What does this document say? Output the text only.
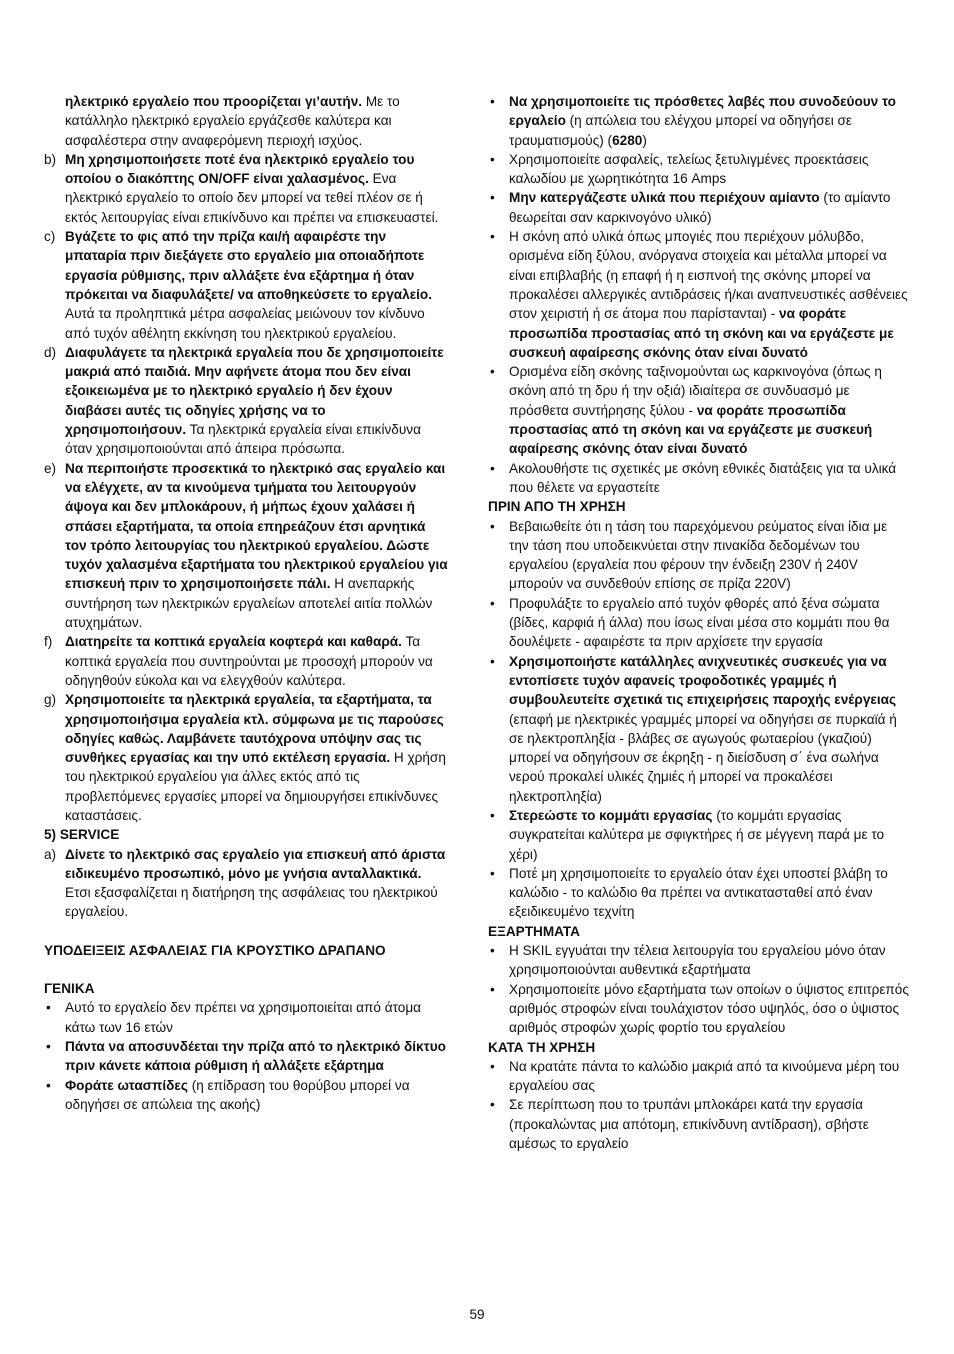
ηλεκτρικό εργαλείο που προορίζεται γι’αυτήν. Με το κατάλληλο ηλεκτρικό εργαλείο εργάζεσθε καλύτερα και ασφαλέστερα στην αναφερόμενη περιοχή ισχύος.
b) Μη χρησιμοποιήσετε ποτέ ένα ηλεκτρικό εργαλείο του οποίου ο διακόπτης ON/OFF είναι χαλασμένος. Ενα ηλεκτρικό εργαλείο το οποίο δεν μπορεί να τεθεί πλέον σε ή εκτός λειτουργίας είναι επικίνδυνο και πρέπει να επισκευαστεί.
c) Βγάζετε το φις από την πρίζα και/ή αφαιρέστε την μπαταρία πριν διεξάγετε στο εργαλείο μια οποιαδήποτε εργασία ρύθμισης, πριν αλλάξετε ένα εξάρτημα ή όταν πρόκειται να διαφυλάξετε/ να αποθηκεύσετε το εργαλείο. Αυτά τα προληπτικά μέτρα ασφαλείας μειώνουν τον κίνδυνο από τυχόν αθέλητη εκκίνηση του ηλεκτρικού εργαλείου.
d) Διαφυλάγετε τα ηλεκτρικά εργαλεία που δε χρησιμοποιείτε μακριά από παιδιά. Μην αφήνετε άτομα που δεν είναι εξοικειωμένα με το ηλεκτρικό εργαλείο ή δεν έχουν διαβάσει αυτές τις οδηγίες χρήσης να το χρησιμοποιήσουν. Τα ηλεκτρικά εργαλεία είναι επικίνδυνα όταν χρησιμοποιούνται από άπειρα πρόσωπα.
e) Να περιποιήστε προσεκτικά το ηλεκτρικό σας εργαλείο και να ελέγχετε, αν τα κινούμενα τμήματα του λειτουργούν άψογα και δεν μπλοκάρουν, ή μήπως έχουν χαλάσει ή σπάσει εξαρτήματα, τα οποία επηρεάζουν έτσι αρνητικά τον τρόπο λειτουργίας του ηλεκτρικού εργαλείου. Δώστε τυχόν χαλασμένα εξαρτήματα του ηλεκτρικού εργαλείου για επισκευή πριν το χρησιμοποιήσετε πάλι. Η ανεπαρκής συντήρηση των ηλεκτρικών εργαλείων αποτελεί αιτία πολλών ατυχημάτων.
f) Διατηρείτε τα κοπτικά εργαλεία κοφτερά και καθαρά. Τα κοπτικά εργαλεία που συντηρούνται με προσοχή μπορούν να οδηγηθούν εύκολα και να ελεγχθούν καλύτερα.
g) Χρησιμοποιείτε τα ηλεκτρικά εργαλεία, τα εξαρτήματα, τα χρησιμοποιήσιμα εργαλεία κτλ. σύμφωνα με τις παρούσες οδηγίες καθώς. Λαμβάνετε ταυτόχρονα υπόψην σας τις συνθήκες εργασίας και την υπό εκτέλεση εργασία. Η χρήση του ηλεκτρικού εργαλείου για άλλες εκτός από τις προβλεπόμενες εργασίες μπορεί να δημιουργήσει επικίνδυνες καταστάσεις.
5) SERVICE
a) Δίνετε το ηλεκτρικό σας εργαλείο για επισκευή από άριστα ειδικευμένο προσωπικό, μόνο με γνήσια ανταλλακτικά. Ετσι εξασφαλίζεται η διατήρηση της ασφάλειας του ηλεκτρικού εργαλείου.
ΥΠΟΔΕΙΞΕΙΣ ΑΣΦΑΛΕΙΑΣ ΓΙΑ ΚΡΟΥΣΤΙΚΟ ΔΡΑΠΑΝΟ
ΓΕΝΙΚΑ
• Αυτό το εργαλείο δεν πρέπει να χρησιμοποιείται από άτομα κάτω των 16 ετών
• Πάντα να αποσυνδέεται την πρίζα από το ηλεκτρικό δίκτυο πριν κάνετε κάποια ρύθμιση ή αλλάξετε εξάρτημα
• Φοράτε ωτασπίδες (η επίδραση του θορύβου μπορεί να οδηγήσει σε απώλεια της ακοής)
• Να χρησιμοποιείτε τις πρόσθετες λαβές που συνοδεύουν το εργαλείο (η απώλεια του ελέγχου μπορεί να οδηγήσει σε τραυματισμούς) (6280)
• Χρησιμοποιείτε ασφαλείς, τελείως ξετυλιγμένες προεκτάσεις καλωδίου με χωρητικότητα 16 Amps
• Μην κατεργάζεστε υλικά που περιέχουν αμίαντο (το αμίαντο θεωρείται σαν καρκινογόνο υλικό)
• Η σκόνη από υλικά όπως μπογιές που περιέχουν μόλυβδο, ορισμένα είδη ξύλου, ανόργανα στοιχεία και μέταλλα μπορεί να είναι επιβλαβής (η επαφή ή η εισπνοή της σκόνης μπορεί να προκαλέσει αλλεργικές αντιδράσεις ή/και αναπνευστικές ασθένειες στον χειριστή ή σε άτομα που παρίστανται) - να φοράτε προσωπίδα προστασίας από τη σκόνη και να εργάζεστε με συσκευή αφαίρεσης σκόνης όταν είναι δυνατό
• Ορισμένα είδη σκόνης ταξινομούνται ως καρκινογόνα (όπως η σκόνη από τη δρυ ή την οξιά) ιδιαίτερα σε συνδυασμό με πρόσθετα συντήρησης ξύλου - να φοράτε προσωπίδα προστασίας από τη σκόνη και να εργάζεστε με συσκευή αφαίρεσης σκόνης όταν είναι δυνατό
• Ακολουθήστε τις σχετικές με σκόνη εθνικές διατάξεις για τα υλικά που θέλετε να εργαστείτε
ΠΡΙΝ ΑΠΟ ΤΗ ΧΡΗΣΗ
• Βεβαιωθείτε ότι η τάση του παρεχόμενου ρεύματος είναι ίδια με την τάση που υποδεικνύεται στην πινακίδα δεδομένων του εργαλείου (εργαλεία που φέρουν την ένδειξη 230V ή 240V μπορούν να συνδεθούν επίσης σε πρίζα 220V)
• Προφυλάξτε το εργαλείο από τυχόν φθορές από ξένα σώματα (βίδες, καρφιά ή άλλα) που ίσως είναι μέσα στο κομμάτι που θα δουλέψετε - αφαιρέστε τα πριν αρχίσετε την εργασία
• Χρησιμοποιήστε κατάλληλες ανιχνευτικές συσκευές για να εντοπίσετε τυχόν αφανείς τροφοδοτικές γραμμές ή συμβουλευτείτε σχετικά τις επιχειρήσεις παροχής ενέργειας (επαφή με ηλεκτρικές γραμμές μπορεί να οδηγήσει σε πυρκαϊά ή σε ηλεκτροπληξία - βλάβες σε αγωγούς φωταερίου (γκαζιού) μπορεί να οδηγήσουν σε έκρηξη - η διείσδυση σ΄ ένα σωλήνα νερού προκαλεί υλικές ζημιές ή μπορεί να προκαλέσει ηλεκτροπληξία)
• Στερεώστε το κομμάτι εργασίας (το κομμάτι εργασίας συγκρατείται καλύτερα με σφιγκτήρες ή σε μέγγενη παρά με το χέρι)
• Ποτέ μη χρησιμοποιείτε το εργαλείο όταν έχει υποστεί βλάβη το καλώδιο - το καλώδιο θα πρέπει να αντικατασταθεί από έναν εξειδικευμένο τεχνίτη
ΕΞΑΡΤΗΜΑΤΑ
• Η SKIL εγγυάται την τέλεια λειτουργία του εργαλείου μόνο όταν χρησιμοποιούνται αυθεντικά εξαρτήματα
• Χρησιμοποιείτε μόνο εξαρτήματα των οποίων ο ύψιστος επιτρεπός αριθμός στροφών είναι τουλάχιστον τόσο υψηλός, όσο ο ύψιστος αριθμός στροφών χωρίς φορτίο του εργαλείου
ΚΑΤΑ ΤΗ ΧΡΗΣΗ
• Να κρατάτε πάντα το καλώδιο μακριά από τα κινούμενα μέρη του εργαλείου σας
• Σε περίπτωση που το τρυπάνι μπλοκάρει κατά την εργασία (προκαλώντας μια απότομη, επικίνδυνη αντίδραση), σβήστε αμέσως το εργαλείο
59
